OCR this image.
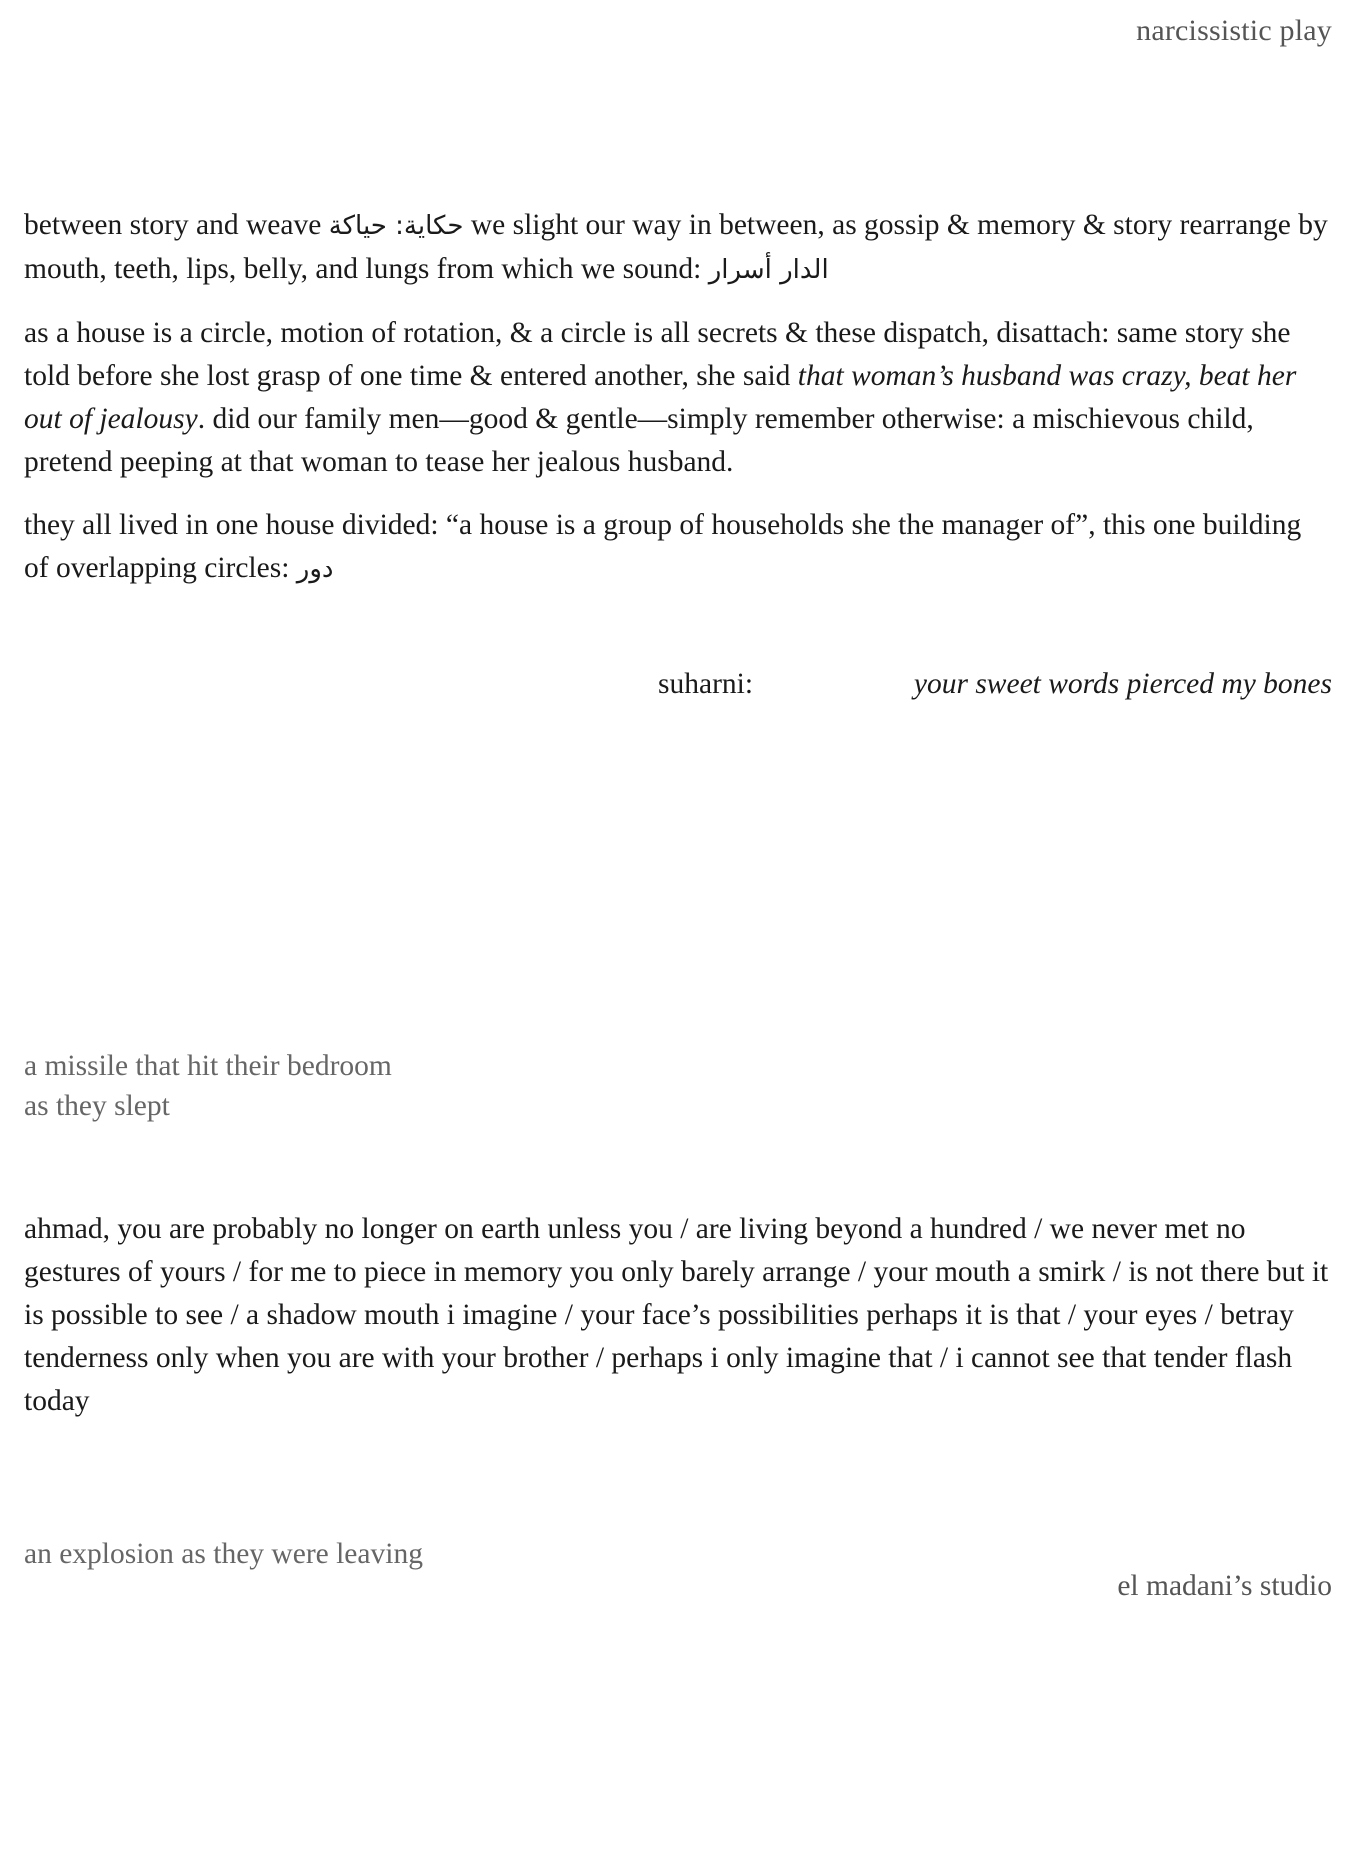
narcissistic play

between story and weave حكاية: حياكة we slight our way in between, as gossip & memory & story rearrange by mouth, teeth, lips, belly, and lungs from which we sound: الدار أسرار

as a house is a circle, motion of rotation, & a circle is all secrets & these dispatch, disattach: same story she told before she lost grasp of one time & entered another, she said that woman’s husband was crazy, beat her out of jealousy. did our family men—good & gentle—simply remember otherwise: a mischievous child, pretend peeping at that woman to tease her jealous husband.

they all lived in one house divided: “a house is a group of households she the manager of”, this one building of overlapping circles: دور

suharni:	your sweet words pierced my bones
a missile that hit their bedroom
as they slept

ahmad, you are probably no longer on earth unless you / are living beyond a hundred / we never met no gestures of yours / for me to piece in memory you only barely arrange / your mouth a smirk / is not there but it is possible to see / a shadow mouth i imagine / your face’s possibilities perhaps it is that / your eyes / betray tenderness only when you are with your brother / perhaps i only imagine that / i cannot see that tender flash today

an explosion as they were leaving
el madani’s studio
